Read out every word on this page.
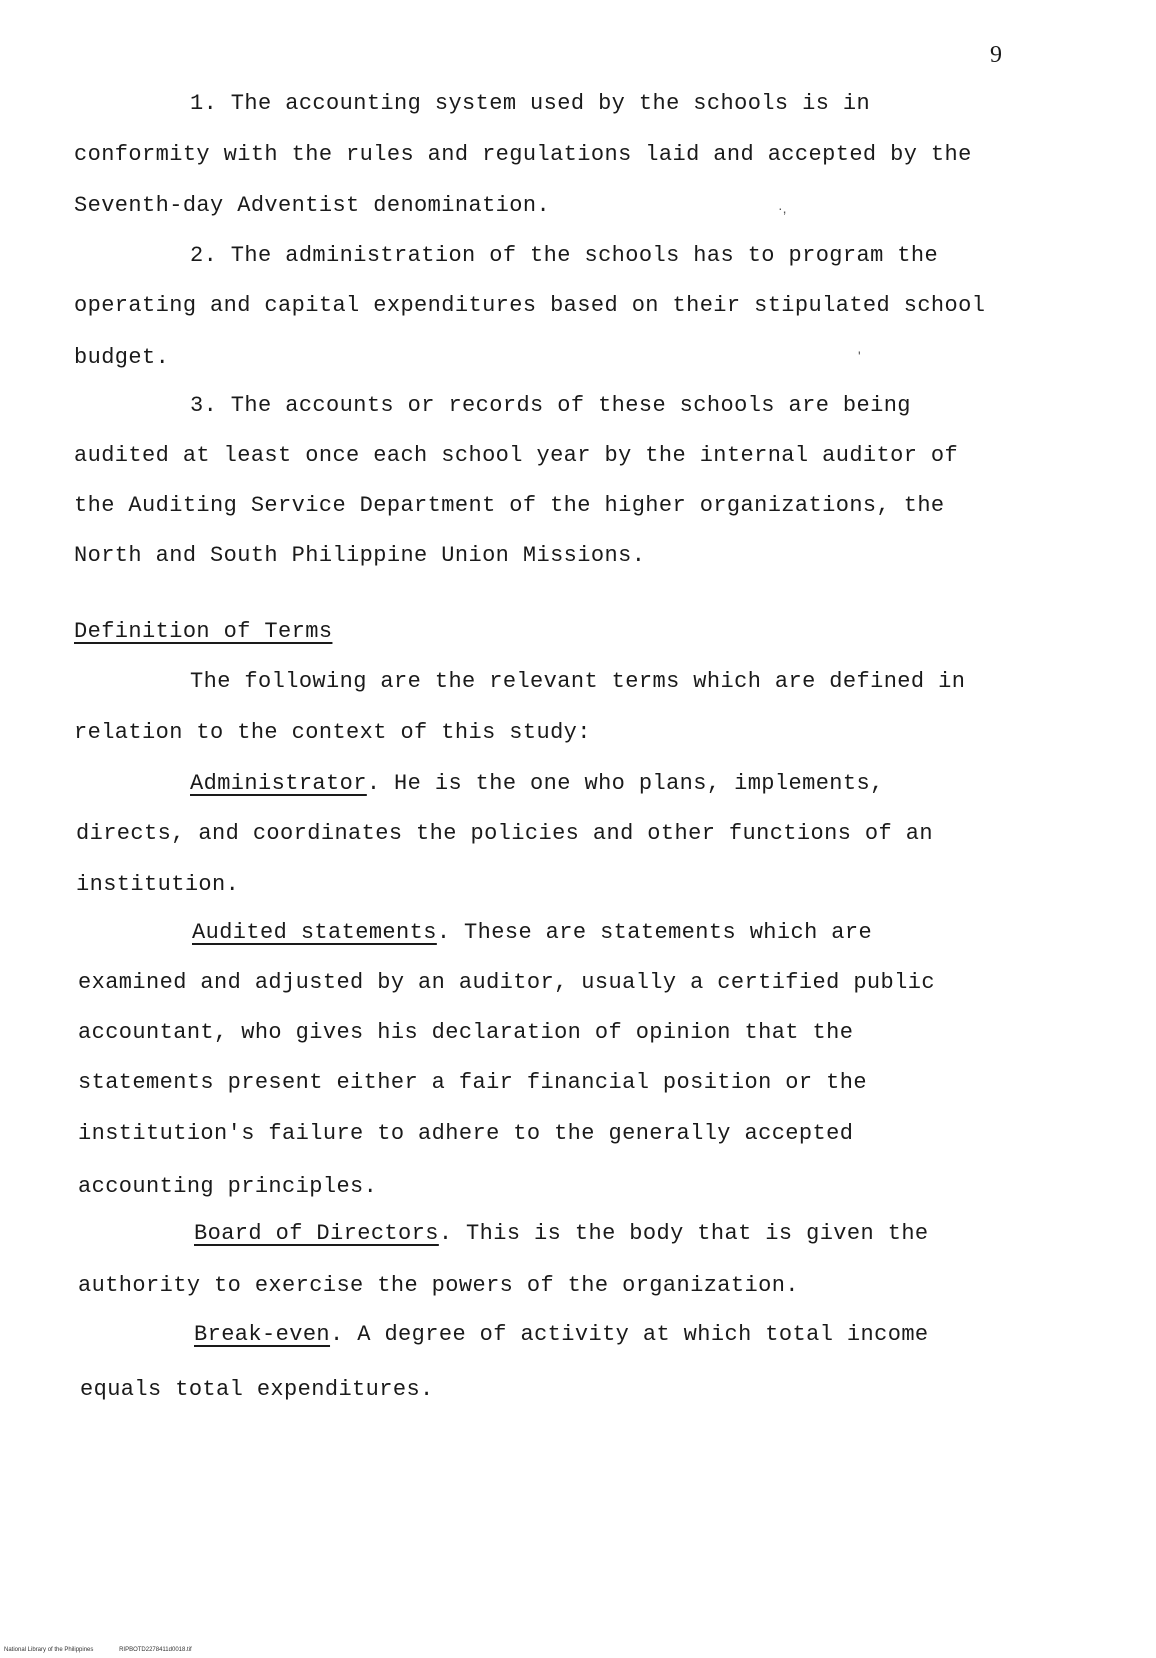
9
1. The accounting system used by the schools is in
conformity with the rules and regulations laid and accepted by the
Seventh-day Adventist denomination.
2. The administration of the schools has to program the
operating and capital expenditures based on their stipulated school
budget.
3. The accounts or records of these schools are being
audited at least once each school year by the internal auditor of
the Auditing Service Department of the higher organizations, the
North and South Philippine Union Missions.
Definition of Terms
The following are the relevant terms which are defined in
relation to the context of this study:
Administrator. He is the one who plans, implements,
directs, and coordinates the policies and other functions of an
institution.
Audited statements. These are statements which are
examined and adjusted by an auditor, usually a certified public
accountant, who gives his declaration of opinion that the
statements present either a fair financial position or the
institution's failure to adhere to the generally accepted
accounting principles.
Board of Directors. This is the body that is given the
authority to exercise the powers of the organization.
Break-even. A degree of activity at which total income
equals total expenditures.
·,
'
National Library of the Philippines	RIPBOTD2278411d0018.tif
